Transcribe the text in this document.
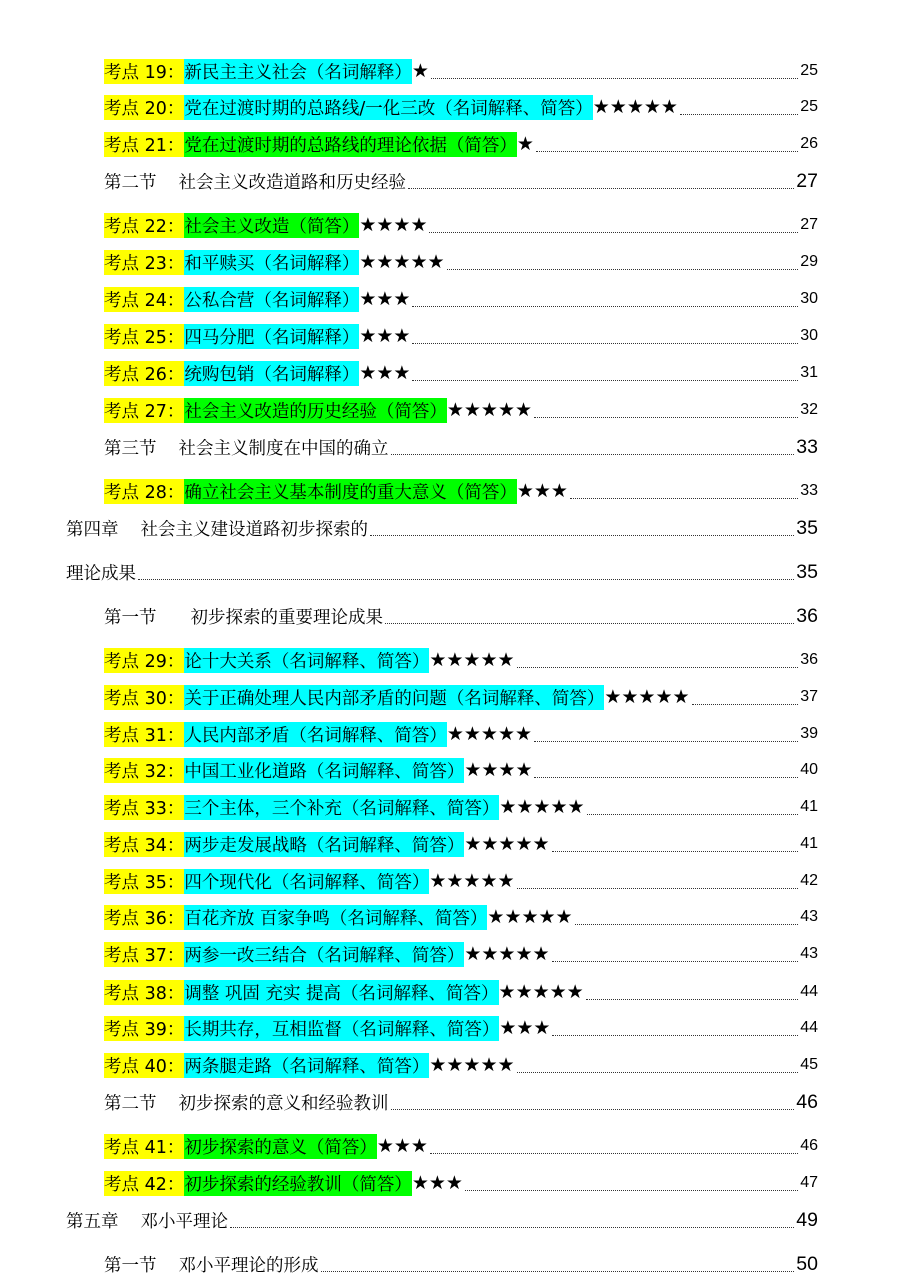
考点 19： 新民主主义社会（名词解释） ★	25
考点 20： 党在过渡时期的总路线/一化三改（名词解释、简答） ★★★★★	25
考点 21： 党在过渡时期的总路线的理论依据（简答） ★	26
第二节 社会主义改造道路和历史经验	27
考点 22： 社会主义改造（简答） ★★★★	27
考点 23： 和平赎买（名词解释） ★★★★★	29
考点 24： 公私合营（名词解释） ★★★	30
考点 25： 四马分肥（名词解释） ★★★	30
考点 26： 统购包销（名词解释） ★★★	31
考点 27： 社会主义改造的历史经验（简答） ★★★★★	32
第三节 社会主义制度在中国的确立	33
考点 28： 确立社会主义基本制度的重大意义（简答） ★★★	33
第四章 社会主义建设道路初步探索的	35
理论成果	35
第一节 初步探索的重要理论成果	36
考点 29： 论十大关系（名词解释、简答） ★★★★★	36
考点 30： 关于正确处理人民内部矛盾的问题（名词解释、简答） ★★★★★	37
考点 31： 人民内部矛盾（名词解释、简答） ★★★★★	39
考点 32： 中国工业化道路（名词解释、简答） ★★★★	40
考点 33： 三个主体，三个补充（名词解释、简答） ★★★★★	41
考点 34： 两步走发展战略（名词解释、简答） ★★★★★	41
考点 35： 四个现代化（名词解释、简答） ★★★★★	42
考点 36： 百花齐放 百家争鸣（名词解释、简答） ★★★★★	43
考点 37： 两参一改三结合（名词解释、简答） ★★★★★	43
考点 38： 调整 巩固 充实 提高（名词解释、简答） ★★★★★	44
考点 39： 长期共存，互相监督（名词解释、简答） ★★★	44
考点 40： 两条腿走路（名词解释、简答） ★★★★★	45
第二节 初步探索的意义和经验教训	46
考点 41： 初步探索的意义（简答） ★★★	46
考点 42： 初步探索的经验教训（简答） ★★★	47
第五章 邓小平理论	49
第一节 邓小平理论的形成	50
